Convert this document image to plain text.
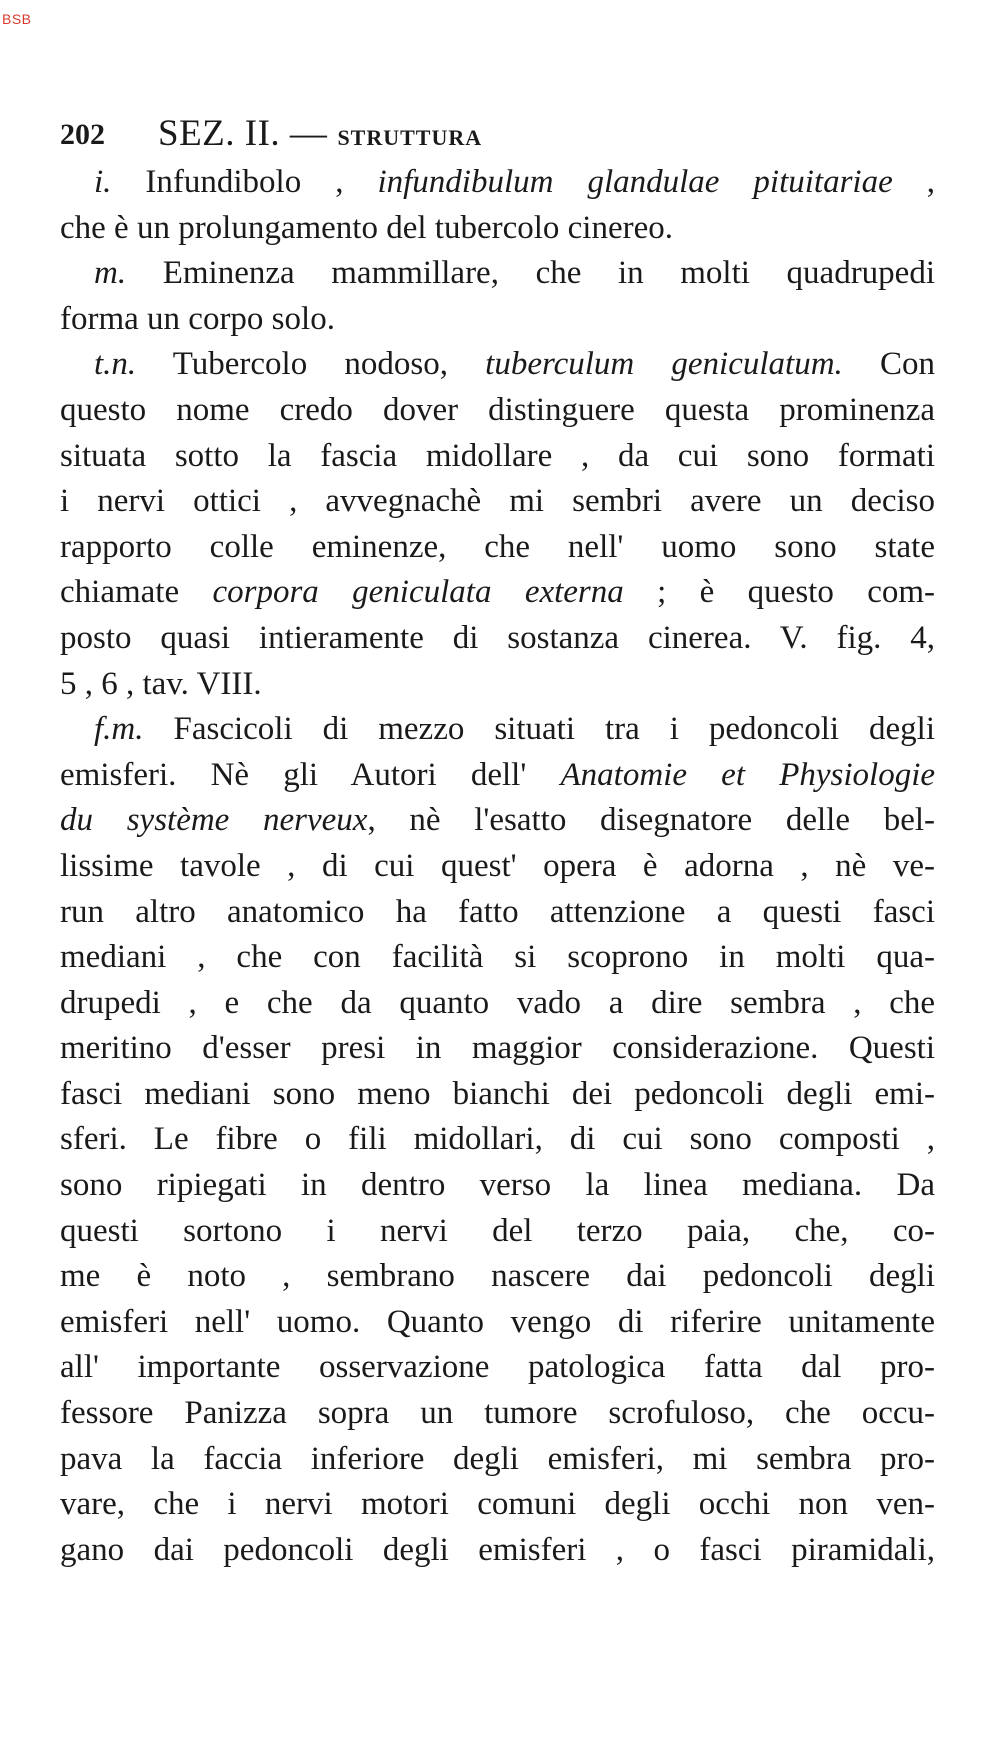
BSB
202 SEZ. II. — STRUTTURA
i. Infundibolo , infundibulum glandulae pituitariae ,
che è un prolungamento del tubercolo cinereo.
m. Eminenza mammillare, che in molti quadrupedi
forma un corpo solo.
t.n. Tubercolo nodoso, tuberculum geniculatum. Con
questo nome credo dover distinguere questa prominenza
situata sotto la fascia midollare , da cui sono formati
i nervi ottici , avvegnachè mi sembri avere un deciso
rapporto colle eminenze, che nell' uomo sono state
chiamate corpora geniculata externa ; è questo com-
posto quasi intieramente di sostanza cinerea. V. fig. 4,
5 , 6 , tav. VIII.
f.m. Fascicoli di mezzo situati tra i pedoncoli degli
emisferi. Nè gli Autori dell' Anatomie et Physiologie
du système nerveux, nè l'esatto disegnatore delle bel-
lissime tavole , di cui quest' opera è adorna , nè ve-
run altro anatomico ha fatto attenzione a questi fasci
mediani , che con facilità si scoprono in molti qua-
drupedi , e che da quanto vado a dire sembra , che
meritino d'esser presi in maggior considerazione. Questi
fasci mediani sono meno bianchi dei pedoncoli degli emi-
sferi. Le fibre o fili midollari, di cui sono composti ,
sono ripiegati in dentro verso la linea mediana. Da
questi sortono i nervi del terzo paia, che, co-
me è noto , sembrano nascere dai pedoncoli degli
emisferi nell' uomo. Quanto vengo di riferire unitamente
all' importante osservazione patologica fatta dal pro-
fessore Panizza sopra un tumore scrofuloso, che occu-
pava la faccia inferiore degli emisferi, mi sembra pro-
vare, che i nervi motori comuni degli occhi non ven-
gano dai pedoncoli degli emisferi , o fasci piramidali,
